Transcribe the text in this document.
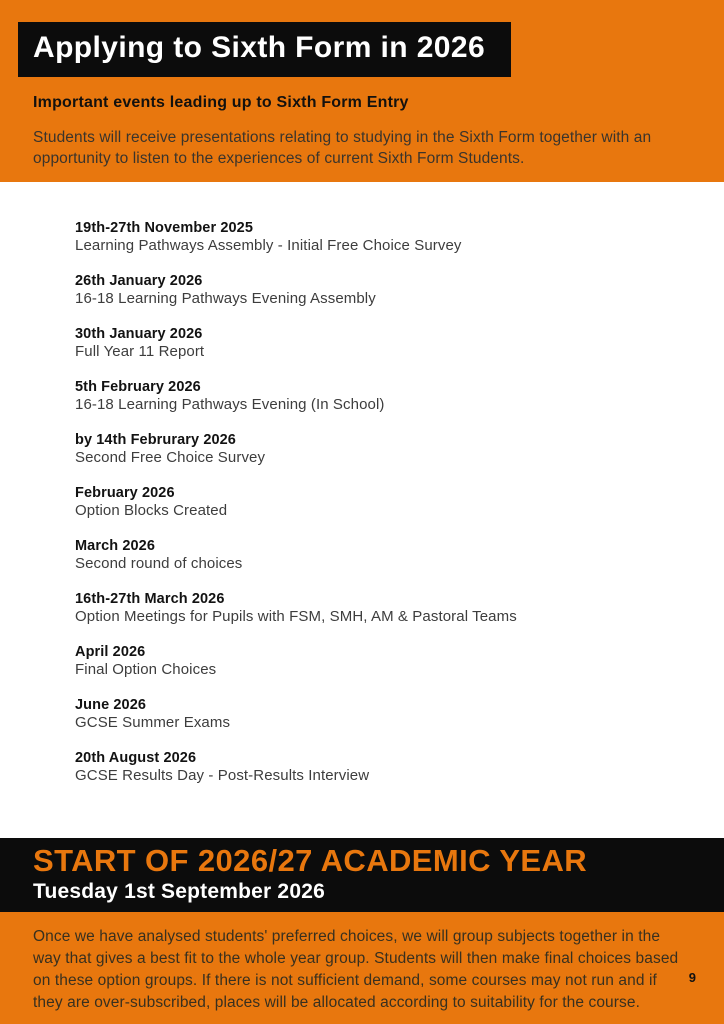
Applying to Sixth Form in 2026
Important events leading up to Sixth Form Entry

Students will receive presentations relating to studying in the Sixth Form together with an opportunity to listen to the experiences of current Sixth Form Students.

19th-27th November 2025
Learning Pathways Assembly - Initial Free Choice Survey
26th January 2026
16-18 Learning Pathways Evening Assembly
30th January 2026
Full Year 11 Report
5th February 2026
16-18 Learning Pathways Evening (In School)
by 14th Februrary 2026
Second Free Choice Survey
February 2026
Option Blocks Created
March 2026
Second round of choices
16th-27th March 2026
Option Meetings for Pupils with FSM, SMH, AM & Pastoral Teams
April 2026
Final Option Choices
June 2026
GCSE Summer Exams
20th August 2026
GCSE Results Day - Post-Results Interview
START OF 2026/27 ACADEMIC YEAR
Tuesday 1st September 2026

Once we have analysed students' preferred choices, we will group subjects together in the way that gives a best fit to the whole year group. Students will then make final choices based on these option groups. If there is not sufficient demand, some courses may not run and if they are over-subscribed, places will be allocated according to suitability for the course.

9
